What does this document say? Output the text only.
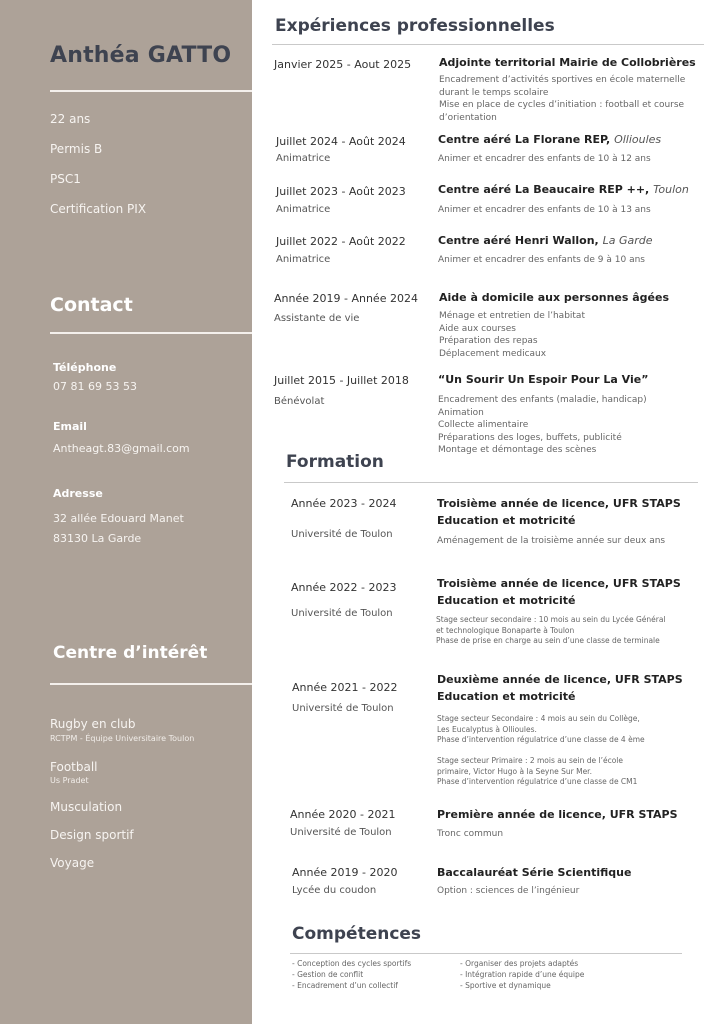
Anthéa GATTO
22 ans
Permis B
PSC1
Certification PIX
Contact
Téléphone
07 81 69 53 53
Email
Antheagt.83@gmail.com
Adresse
32 allée Edouard Manet
83130 La Garde
Centre d’intérêt
Rugby en club
RCTPM - Équipe Universitaire Toulon
Football
Us Pradet
Musculation
Design sportif
Voyage
Expériences professionnelles
Janvier 2025 - Aout 2025	Adjointe territorial Mairie de Collobrières
Encadrement d’activités sportives en école maternelle
durant le temps scolaire
Mise en place de cycles d’initiation : football et course
d’orientation
Juillet 2024 - Août 2024
Animatrice
Centre aéré La Florane REP, Ollioules
Animer et encadrer des enfants de 10 à 12 ans
Juillet 2023 - Août 2023
Animatrice
Centre aéré La Beaucaire REP ++, Toulon
Animer et encadrer des enfants de 10 à 13 ans
Juillet 2022 - Août 2022
Animatrice
Centre aéré Henri Wallon, La Garde
Animer et encadrer des enfants de 9 à 10 ans
Année 2019 - Année 2024
Assistante de vie
Aide à domicile aux personnes âgées
Ménage et entretien de l’habitat
Aide aux courses
Préparation des repas
Déplacement medicaux
Juillet 2015 - Juillet 2018
Bénévolat
“Un Sourir Un Espoir Pour La Vie”
Encadrement des enfants (maladie, handicap)
Animation
Collecte alimentaire
Préparations des loges, buffets, publicité
Montage et démontage des scènes
Formation
Année 2023 - 2024
Université de Toulon
Troisième année de licence, UFR STAPS
Education et motricité
Aménagement de la troisième année sur deux ans
Année 2022 - 2023
Université de Toulon
Troisième année de licence, UFR STAPS
Education et motricité
Stage secteur secondaire : 10 mois au sein du Lycée Général
et technologique Bonaparte à Toulon
Phase de prise en charge au sein d’une classe de terminale
Année 2021 - 2022
Université de Toulon
Deuxième année de licence, UFR STAPS
Education et motricité
Stage secteur Secondaire : 4 mois au sein du Collège,
Les Eucalyptus à Ollioules.
Phase d’intervention régulatrice d’une classe de 4 ème
Stage secteur Primaire : 2 mois au sein de l’école
primaire, Victor Hugo à la Seyne Sur Mer.
Phase d’intervention régulatrice d’une classe de CM1
Année 2020 - 2021
Université de Toulon
Première année de licence, UFR STAPS
Tronc commun
Année 2019 - 2020
Lycée du coudon
Baccalauréat Série Scientifique
Option : sciences de l’ingénieur
Compétences
- Conception des cycles sportifs
- Gestion de conflit
- Encadrement d’un collectif
- Organiser des projets adaptés
- Intégration rapide d’une équipe
- Sportive et dynamique
